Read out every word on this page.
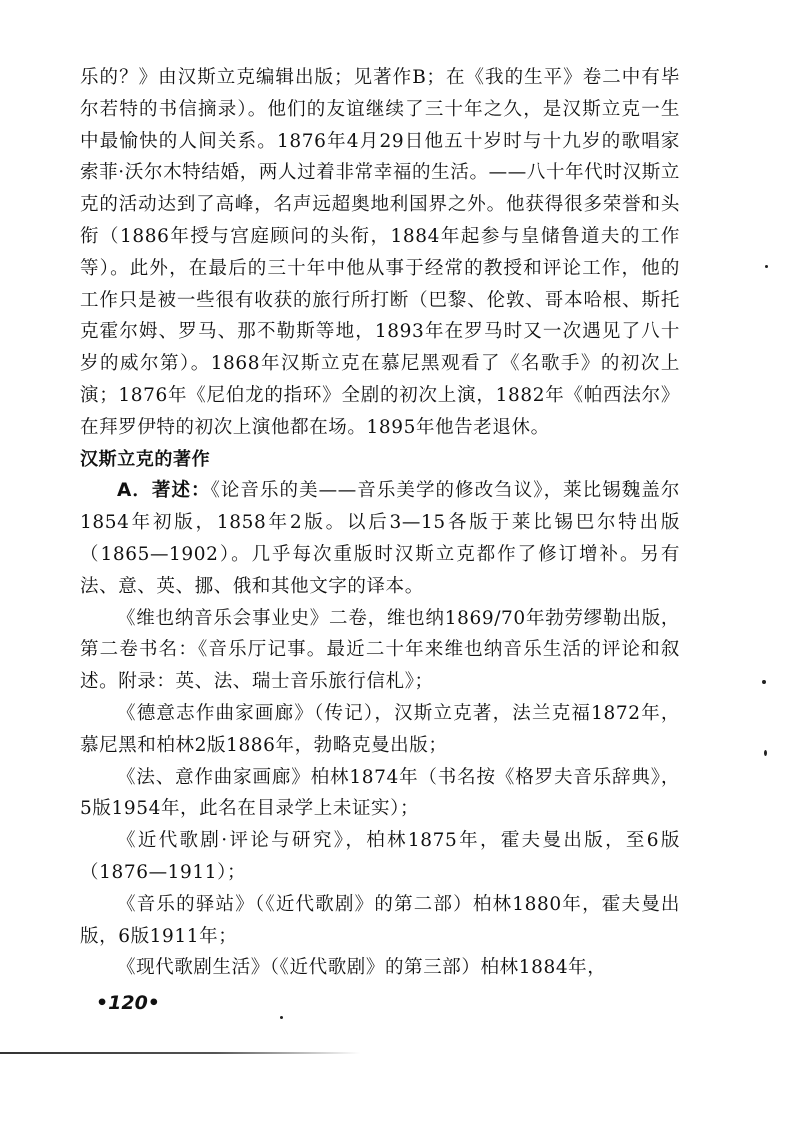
乐的？》由汉斯立克编辑出版；见著作B；在《我的生平》卷二中有毕尔若特的书信摘录）。他们的友谊继续了三十年之久，是汉斯立克一生中最愉快的人间关系。1876年4月29日他五十岁时与十九岁的歌唱家索菲·沃尔木特结婚，两人过着非常幸福的生活。——八十年代时汉斯立克的活动达到了高峰，名声远超奥地利国界之外。他获得很多荣誉和头衔（1886年授与宫庭顾问的头衔，1884年起参与皇储鲁道夫的工作等）。此外，在最后的三十年中他从事于经常的教授和评论工作，他的工作只是被一些很有收获的旅行所打断（巴黎、伦敦、哥本哈根、斯托克霍尔姆、罗马、那不勒斯等地，1893年在罗马时又一次遇见了八十岁的威尔第）。1868年汉斯立克在慕尼黑观看了《名歌手》的初次上演；1876年《尼伯龙的指环》全剧的初次上演，1882年《帕西法尔》在拜罗伊特的初次上演他都在场。1895年他告老退休。

汉斯立克的著作

A．著述：《论音乐的美——音乐美学的修改刍议》，莱比锡魏盖尔1854年初版，1858年2版。以后3—15各版于莱比锡巴尔特出版（1865—1902）。几乎每次重版时汉斯立克都作了修订增补。另有法、意、英、挪、俄和其他文字的译本。

《维也纳音乐会事业史》二卷，维也纳1869/70年勃劳缪勒出版，第二卷书名：《音乐厅记事。最近二十年来维也纳音乐生活的评论和叙述。附录：英、法、瑞士音乐旅行信札》；

《德意志作曲家画廊》（传记），汉斯立克著，法兰克福1872年，慕尼黑和柏林2版1886年，勃略克曼出版；

《法、意作曲家画廊》柏林1874年（书名按《格罗夫音乐辞典》，5版1954年，此名在目录学上未证实）；

《近代歌剧·评论与研究》，柏林1875年，霍夫曼出版，至6版（1876—1911）；

《音乐的驿站》（《近代歌剧》的第二部）柏林1880年，霍夫曼出版，6版1911年；

《现代歌剧生活》（《近代歌剧》的第三部）柏林1884年，

•120•
